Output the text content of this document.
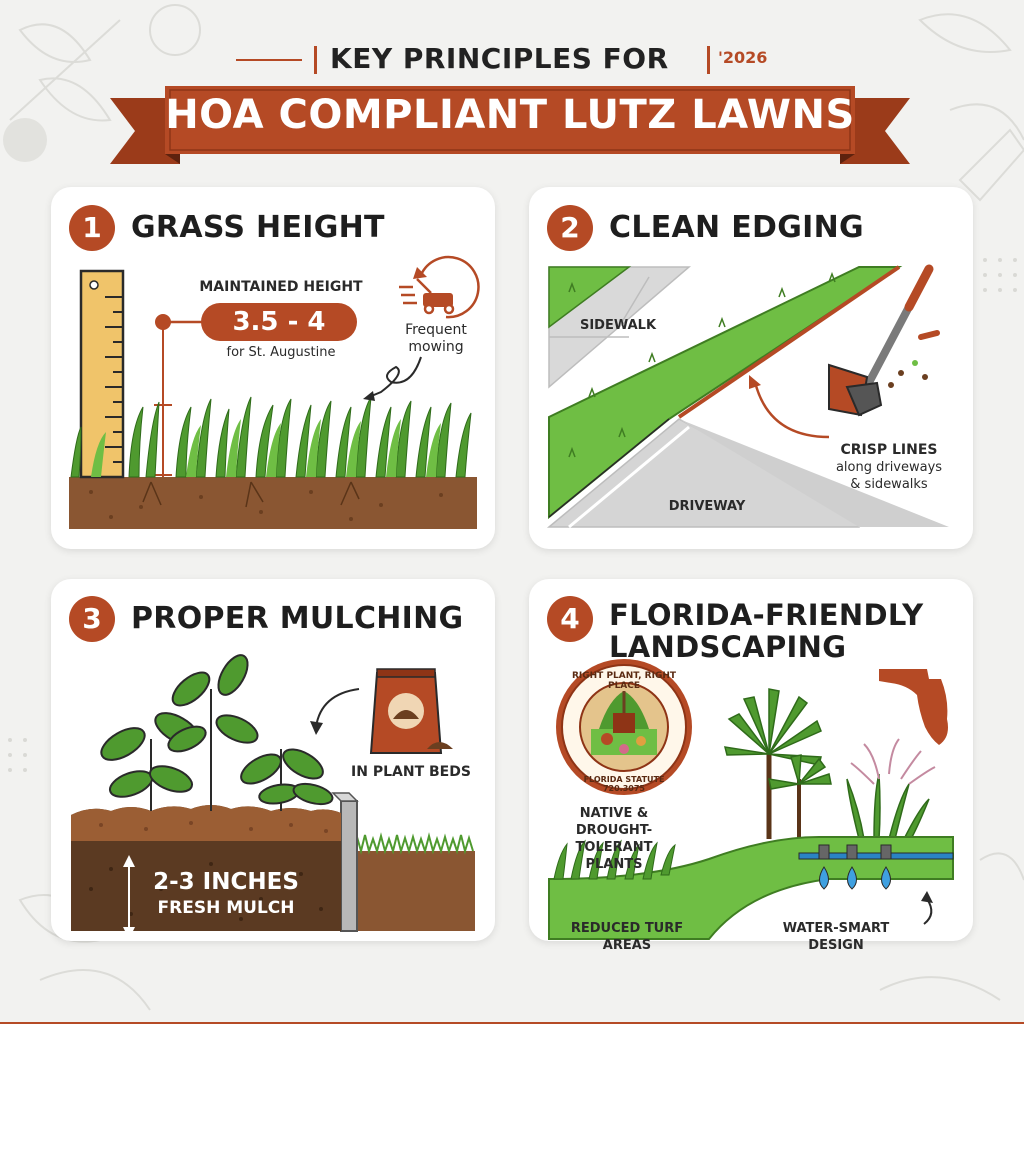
KEY PRINCIPLES FOR	'2026
HOA COMPLIANT LUTZ LAWNS
1 GRASS HEIGHT
MAINTAINED HEIGHT
3.5 - 4
for St. Augustine
Frequent
mowing
2 CLEAN EDGING
SIDEWALK
DRIVEWAY
CRISP LINES
along driveways
& sidewalks
3 PROPER MULCHING
IN PLANT BEDS
2-3 INCHES
FRESH MULCH
RIGHT PLANT, RIGHT PLACE
FLORIDA STATUTE 720.3075
4	FLORIDA-FRIENDLY
LANDSCAPING
NATIVE &
DROUGHT-TOLERANT
PLANTS
REDUCED TURF
AREAS
WATER-SMART
DESIGN
